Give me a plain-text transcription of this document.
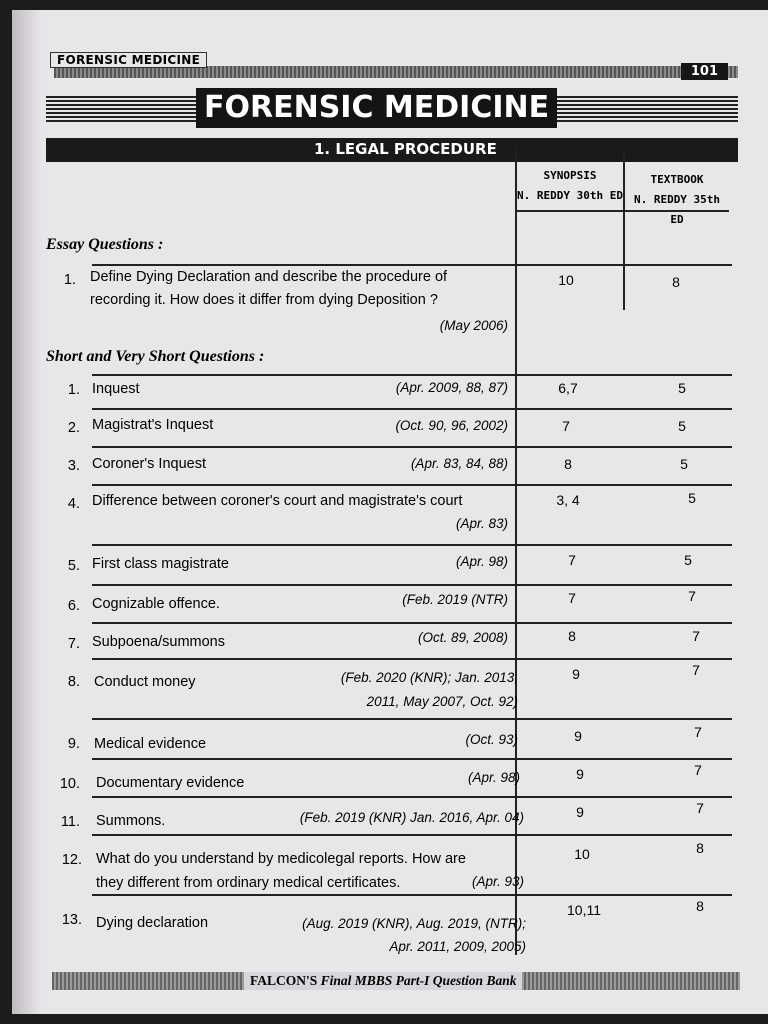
FORENSIC MEDICINE
101
FORENSIC MEDICINE
1. LEGAL PROCEDURE
SYNOPSIS
N. REDDY 30th ED
TEXTBOOK
N. REDDY 35th ED
Essay Questions :
1. Define Dying Declaration and describe the procedure of
recording it. How does it differ from dying Deposition ?
(May 2006)
10	8
Short and Very Short Questions :
1. Inquest	(Apr. 2009, 88, 87)	6,7	5
2. Magistrat's Inquest	(Oct. 90, 96, 2002)	7	5
3. Coroner's Inquest	(Apr. 83, 84, 88)	8	5
4. Difference between coroner's court and magistrate's court
(Apr. 83)
3, 4	5
5. First class magistrate	(Apr. 98)	7	5
6. Cognizable offence.	(Feb. 2019 (NTR)	7	7
7. Subpoena/summons	(Oct. 89, 2008)	8	7
8. Conduct money	(Feb. 2020 (KNR); Jan. 2013,
2011, May 2007, Oct. 92)
9	7
9. Medical evidence	(Oct. 93)	9	7
10. Documentary evidence	(Apr. 98)	9	7
11. Summons.	(Feb. 2019 (KNR) Jan. 2016, Apr. 04)	9	7
12. What do you understand by medicolegal reports. How are
they different from ordinary medical certificates.	(Apr. 93)
10	8
13. Dying declaration	(Aug. 2019 (KNR), Aug. 2019, (NTR);
Apr. 2011, 2009, 2005)
10,11	8
FALCON'S Final MBBS Part-I Question Bank
